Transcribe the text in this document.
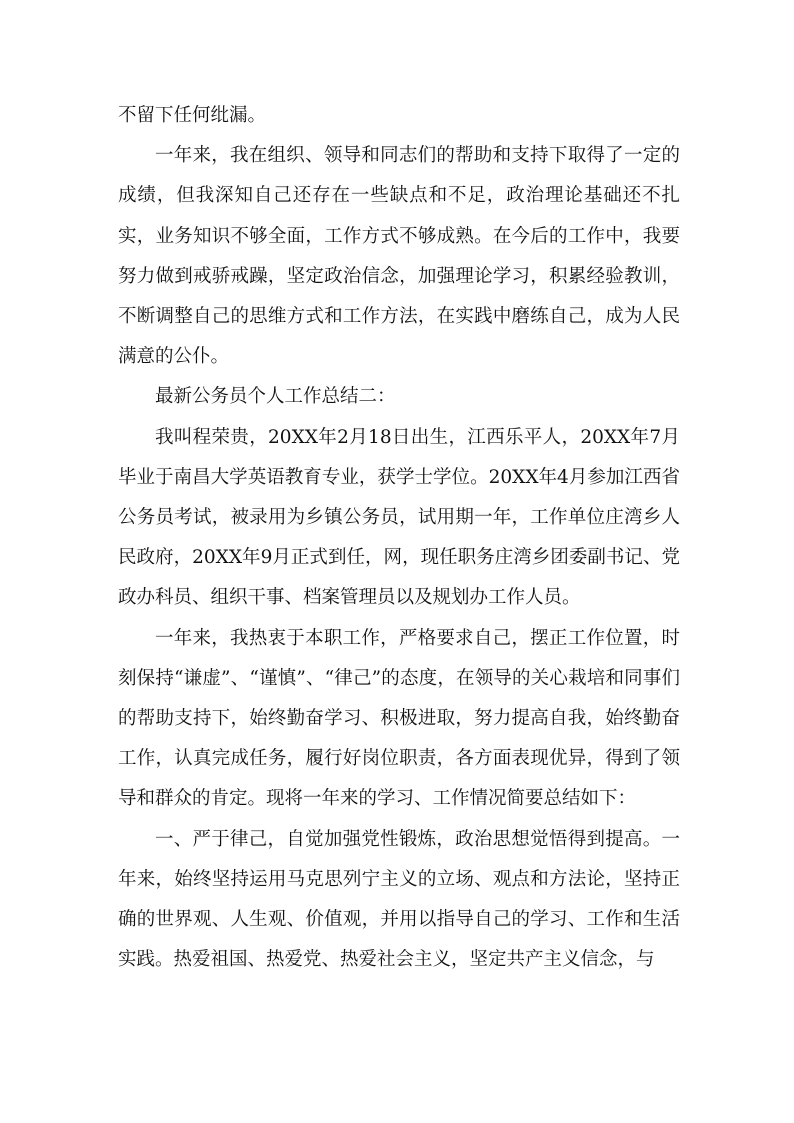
不留下任何纰漏。

一年来，我在组织、领导和同志们的帮助和支持下取得了一定的成绩，但我深知自己还存在一些缺点和不足，政治理论基础还不扎实，业务知识不够全面，工作方式不够成熟。在今后的工作中，我要努力做到戒骄戒躁，坚定政治信念，加强理论学习，积累经验教训，不断调整自己的思维方式和工作方法，在实践中磨练自己，成为人民满意的公仆。

最新公务员个人工作总结二：

我叫程荣贵，20XX年2月18日出生，江西乐平人，20XX年7月毕业于南昌大学英语教育专业，获学士学位。20XX年4月参加江西省公务员考试，被录用为乡镇公务员，试用期一年，工作单位庄湾乡人民政府，20XX年9月正式到任，网，现任职务庄湾乡团委副书记、党政办科员、组织干事、档案管理员以及规划办工作人员。

一年来，我热衷于本职工作，严格要求自己，摆正工作位置，时刻保持“谦虚”、“谨慎”、“律己”的态度，在领导的关心栽培和同事们的帮助支持下，始终勤奋学习、积极进取，努力提高自我，始终勤奋工作，认真完成任务，履行好岗位职责，各方面表现优异，得到了领导和群众的肯定。现将一年来的学习、工作情况简要总结如下：

一、严于律己，自觉加强党性锻炼，政治思想觉悟得到提高。一年来，始终坚持运用马克思列宁主义的立场、观点和方法论，坚持正确的世界观、人生观、价值观，并用以指导自己的学习、工作和生活实践。热爱祖国、热爱党、热爱社会主义，坚定共产主义信念，与
